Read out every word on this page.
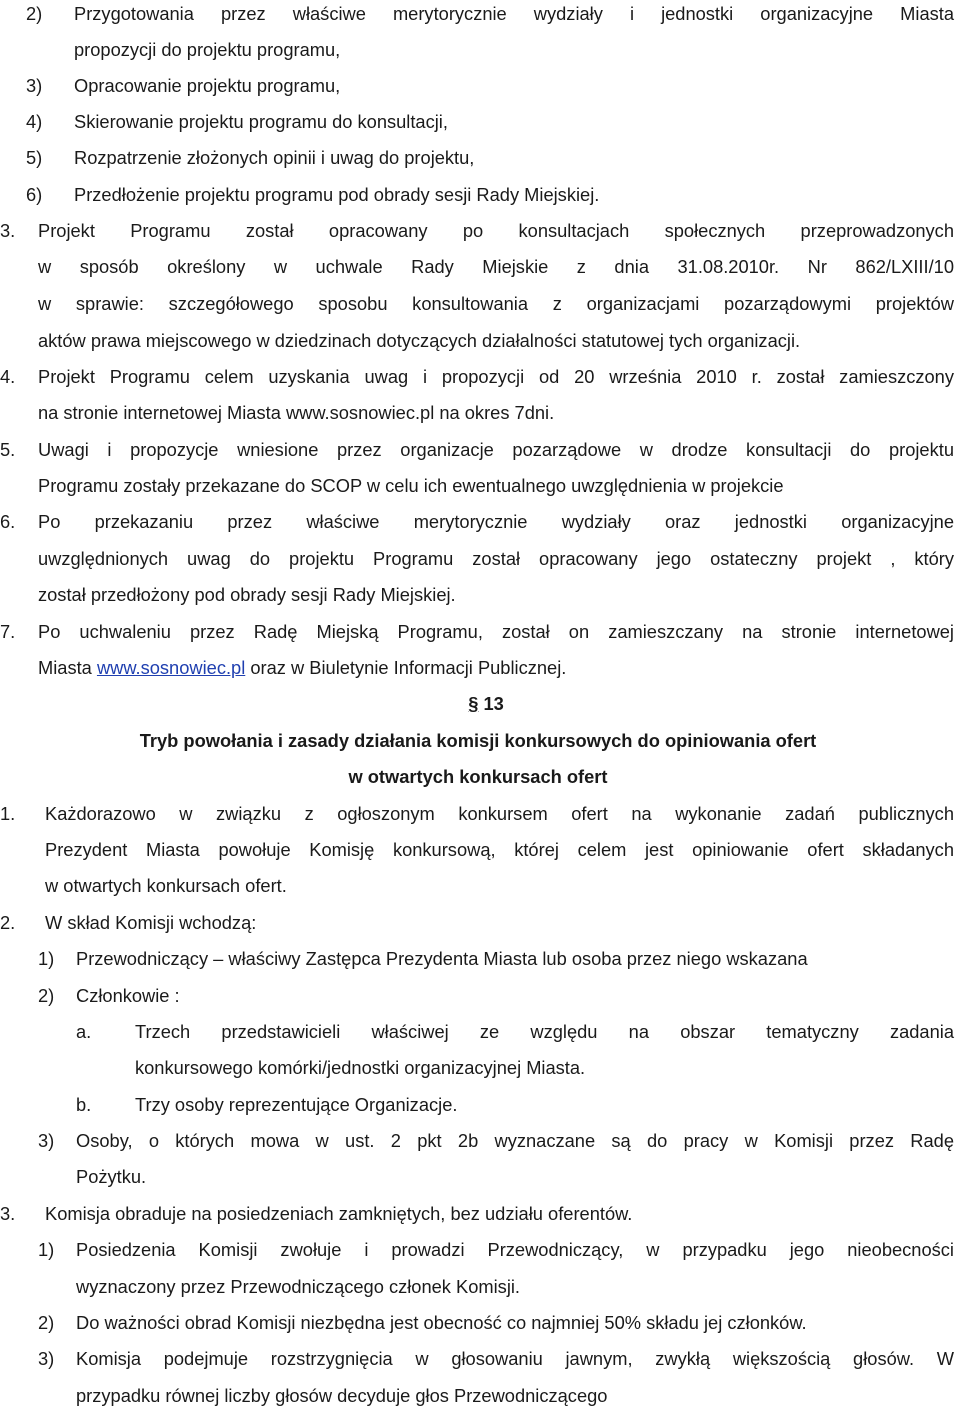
2) Przygotowania przez właściwe merytorycznie wydziały i jednostki organizacyjne Miasta
propozycji do projektu programu,
3) Opracowanie projektu programu,
4) Skierowanie projektu programu do konsultacji,
5) Rozpatrzenie złożonych opinii i uwag do projektu,
6) Przedłożenie projektu programu pod obrady sesji Rady Miejskiej.
3. Projekt Programu został opracowany po konsultacjach społecznych przeprowadzonych
w sposób określony w uchwale Rady Miejskie z dnia 31.08.2010r. Nr 862/LXIII/10
w sprawie: szczegółowego sposobu konsultowania z organizacjami pozarządowymi projektów
aktów prawa miejscowego w dziedzinach dotyczących działalności statutowej tych organizacji.
4. Projekt Programu celem uzyskania uwag i propozycji od 20 września 2010 r. został zamieszczony
na stronie internetowej Miasta www.sosnowiec.pl na okres 7dni.
5. Uwagi i propozycje wniesione przez organizacje pozarządowe w drodze konsultacji do projektu
Programu zostały przekazane do SCOP w celu ich ewentualnego uwzględnienia w projekcie
6. Po przekazaniu przez właściwe merytorycznie wydziały oraz jednostki organizacyjne
uwzględnionych uwag do projektu Programu został opracowany jego ostateczny projekt , który
został przedłożony pod obrady sesji Rady Miejskiej.
7. Po uchwaleniu przez Radę Miejską Programu, został on zamieszczany na stronie internetowej
Miasta www.sosnowiec.pl oraz w Biuletynie Informacji Publicznej.
§ 13
Tryb powołania i zasady działania komisji konkursowych do opiniowania ofert
w otwartych konkursach ofert
1. Każdorazowo w związku z ogłoszonym konkursem ofert na wykonanie zadań publicznych
Prezydent Miasta powołuje Komisję konkursową, której celem jest opiniowanie ofert składanych
w otwartych konkursach ofert.
2. W skład Komisji wchodzą:
1) Przewodniczący – właściwy Zastępca Prezydenta Miasta lub osoba przez niego wskazana
2) Członkowie :
a. Trzech przedstawicieli właściwej ze względu na obszar tematyczny zadania
konkursowego komórki/jednostki organizacyjnej Miasta.
b. Trzy osoby reprezentujące Organizacje.
3) Osoby, o których mowa w ust. 2 pkt 2b wyznaczane są do pracy w Komisji przez Radę
Pożytku.
3. Komisja obraduje na posiedzeniach zamkniętych, bez udziału oferentów.
1) Posiedzenia Komisji zwołuje i prowadzi Przewodniczący, w przypadku jego nieobecności
wyznaczony przez Przewodniczącego członek Komisji.
2) Do ważności obrad Komisji niezbędna jest obecność co najmniej 50% składu jej członków.
3) Komisja podejmuje rozstrzygnięcia w głosowaniu jawnym, zwykłą większością głosów. W
przypadku równej liczby głosów decyduje głos Przewodniczącego
